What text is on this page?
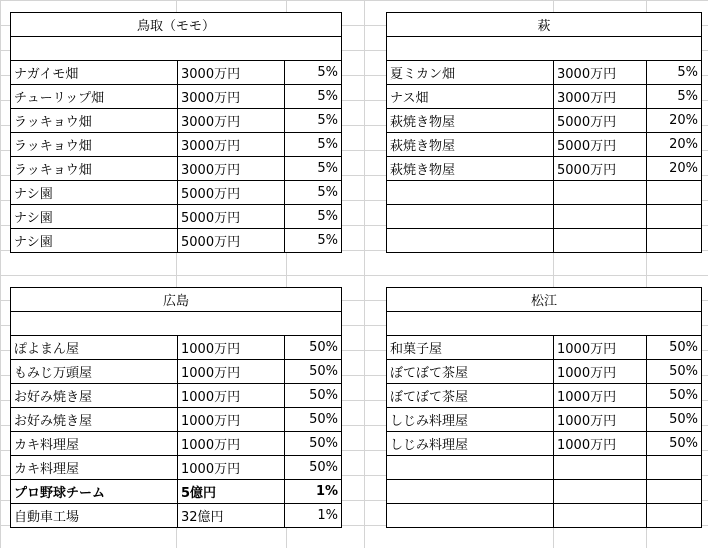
鳥取（モモ）		

ナガイモ畑	3000万円	5%
チューリップ畑	3000万円	5%
ラッキョウ畑	3000万円	5%
ラッキョウ畑	3000万円	5%
ラッキョウ畑	3000万円	5%
ナシ園	5000万円	5%
ナシ園	5000万円	5%
ナシ園	5000万円	5%
萩		

夏ミカン畑	3000万円	5%
ナス畑	3000万円	5%
萩焼き物屋	5000万円	20%
萩焼き物屋	5000万円	20%
萩焼き物屋	5000万円	20%

広島		

ぽよまん屋	1000万円	50%
もみじ万頭屋	1000万円	50%
お好み焼き屋	1000万円	50%
お好み焼き屋	1000万円	50%
カキ料理屋	1000万円	50%
カキ料理屋	1000万円	50%
プロ野球チーム	5億円	1%
自動車工場	32億円	1%
松江		

和菓子屋	1000万円	50%
ぼてぼて茶屋	1000万円	50%
ぼてぼて茶屋	1000万円	50%
しじみ料理屋	1000万円	50%
しじみ料理屋	1000万円	50%
